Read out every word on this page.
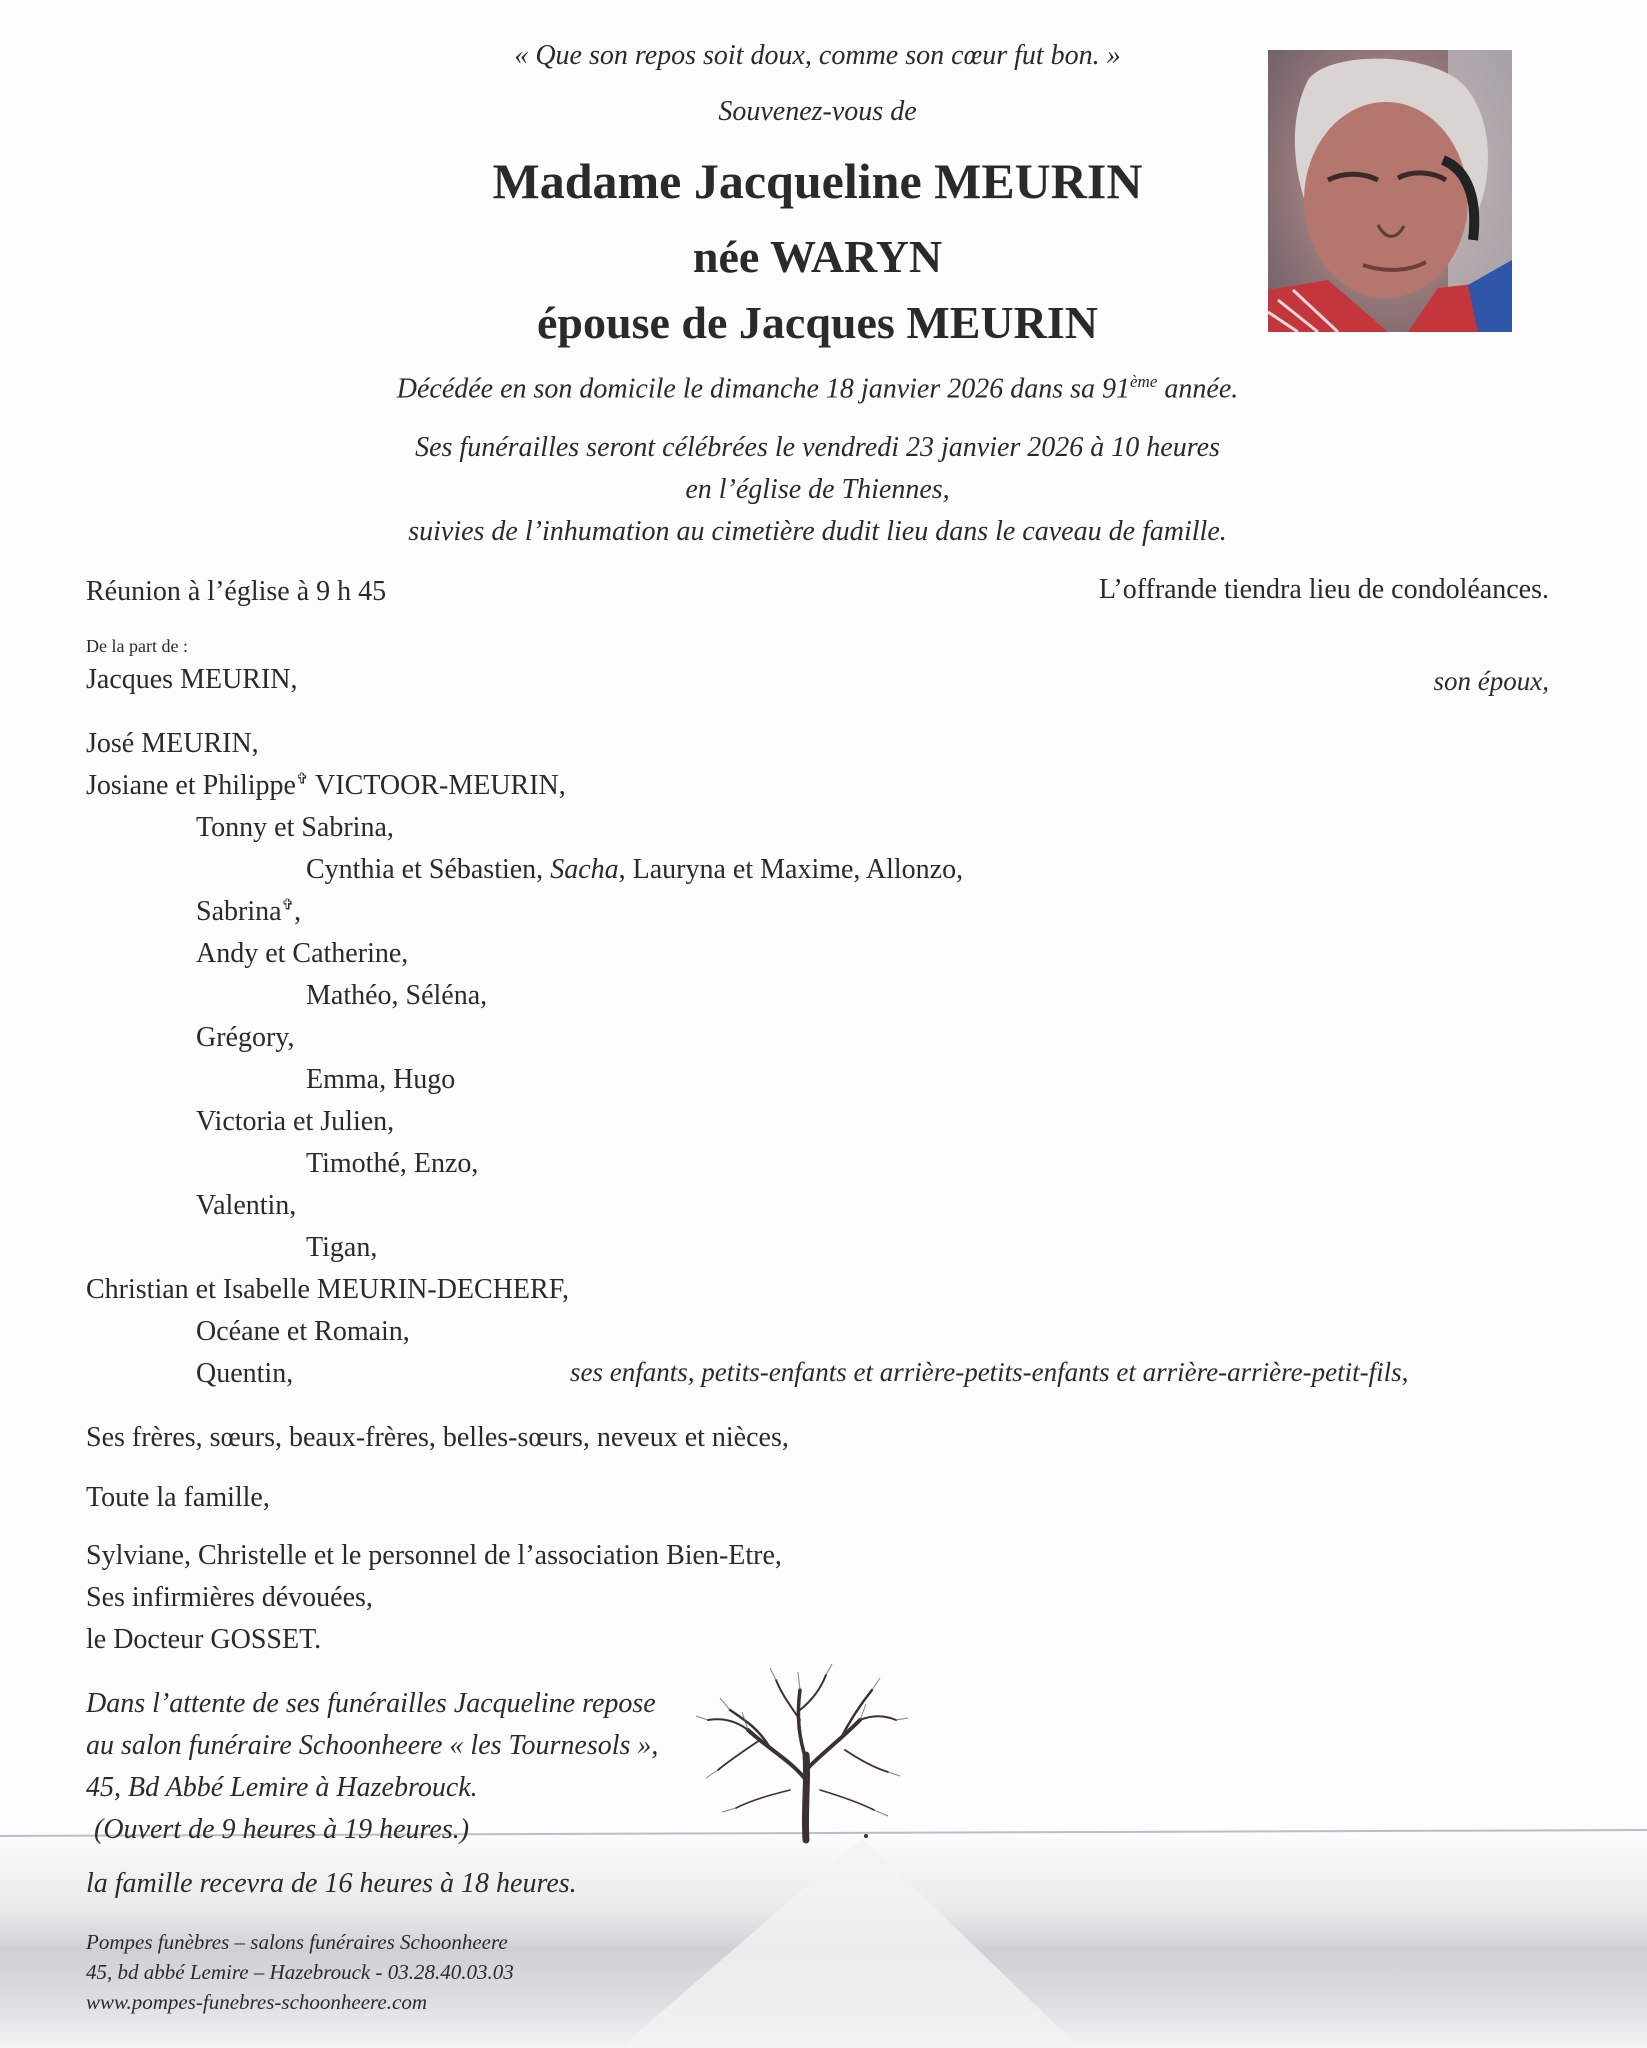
« Que son repos soit doux, comme son cœur fut bon. »
Souvenez-vous de
Madame Jacqueline MEURIN
née WARYN
épouse de Jacques MEURIN
Décédée en son domicile le dimanche 18 janvier 2026 dans sa 91ème année.
Ses funérailles seront célébrées le vendredi 23 janvier 2026 à 10 heures
en l’église de Thiennes,
suivies de l’inhumation au cimetière dudit lieu dans le caveau de famille.
Réunion à l’église à 9 h 45	L’offrande tiendra lieu de condoléances.
De la part de :
Jacques MEURIN,	son époux,
José MEURIN,
Josiane et Philippe✞ VICTOOR-MEURIN,
Tonny et Sabrina,
Cynthia et Sébastien, Sacha, Lauryna et Maxime, Allonzo,
Sabrina✞,
Andy et Catherine,
Mathéo, Séléna,
Grégory,
Emma, Hugo
Victoria et Julien,
Timothé, Enzo,
Valentin,
Tigan,
Christian et Isabelle MEURIN-DECHERF,
Océane et Romain,
Quentin,	ses enfants, petits-enfants et arrière-petits-enfants et arrière-arrière-petit-fils,
Ses frères, sœurs, beaux-frères, belles-sœurs, neveux et nièces,
Toute la famille,
Sylviane, Christelle et le personnel de l’association Bien-Etre,
Ses infirmières dévouées,
le Docteur GOSSET.
Dans l’attente de ses funérailles Jacqueline repose
au salon funéraire Schoonheere « les Tournesols »,
45, Bd Abbé Lemire à Hazebrouck.
(Ouvert de 9 heures à 19 heures.)
la famille recevra de 16 heures à 18 heures.
Pompes funèbres – salons funéraires Schoonheere
45, bd abbé Lemire – Hazebrouck - 03.28.40.03.03
www.pompes-funebres-schoonheere.com
